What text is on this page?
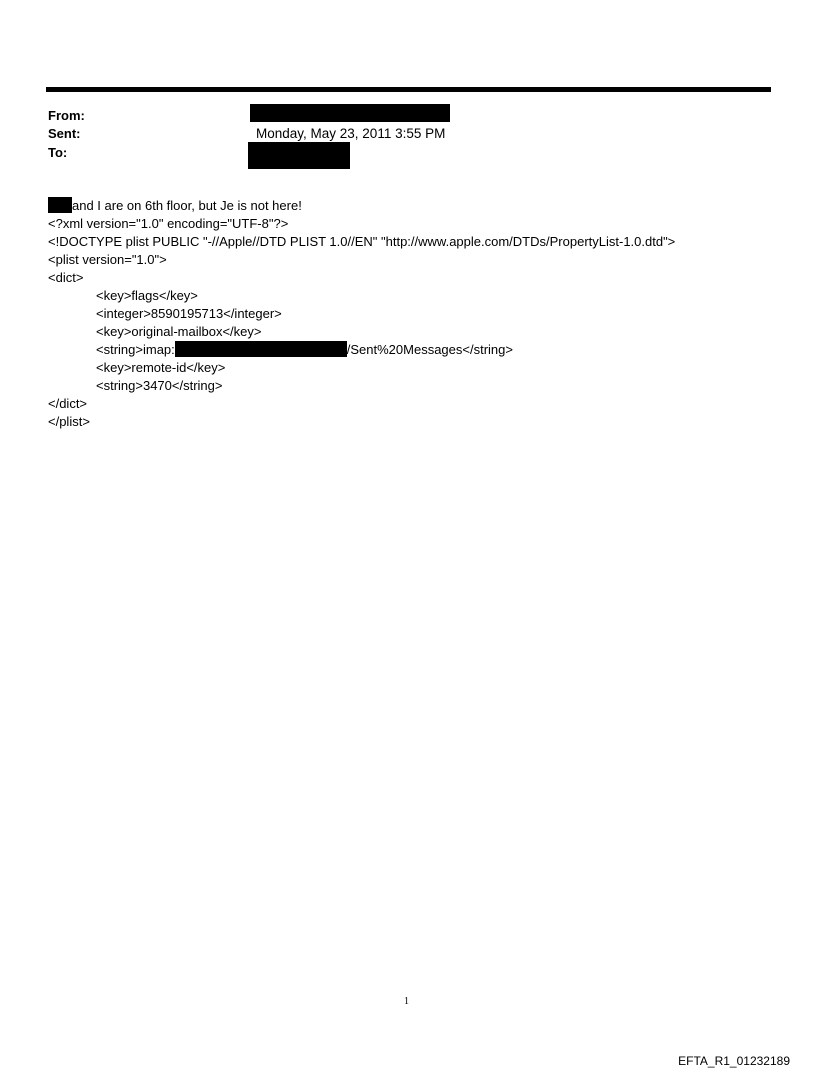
From:
Sent:	Monday, May 23, 2011 3:55 PM
To:
and I are on 6th floor, but Je is not here!
<?xml version="1.0" encoding="UTF-8"?>
<!DOCTYPE plist PUBLIC "-//Apple//DTD PLIST 1.0//EN" "http://www.apple.com/DTDs/PropertyList-1.0.dtd">
<plist version="1.0">
<dict>
<key>flags</key>
<integer>8590195713</integer>
<key>original-mailbox</key>
<string>imap:	/Sent%20Messages</string>
<key>remote-id</key>
<string>3470</string>
</dict>
</plist>
1
EFTA_R1_01232189
